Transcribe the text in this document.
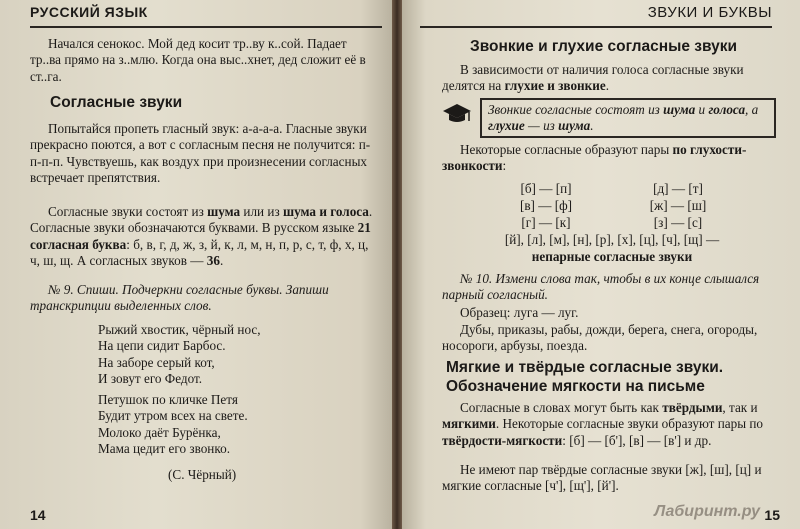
РУССКИЙ ЯЗЫК

Начался сенокос. Мой дед косит тр..ву к..сой. Падает тр..ва прямо на з..млю. Когда она выс..хнет, дед сложит её в ст..га.

Согласные звуки

Попытайся пропеть гласный звук: а-а-а-а. Гласные звуки прекрасно поются, а вот с согласным песня не получится: п-п-п-п. Чувствуешь, как воздух при произнесении согласных встречает препятствия.

Согласные звуки состоят из шума или из шума и голоса. Согласные звуки обозначаются буквами. В русском языке 21 согласная буква: б, в, г, д, ж, з, й, к, л, м, н, п, р, с, т, ф, х, ц, ч, ш, щ. А согласных звуков — 36.

№ 9. Спиши. Подчеркни согласные буквы. Запиши транскрипции выделенных слов.

Рыжий хвостик, чёрный нос,

На цепи сидит Барбос.

На заборе серый кот,

И зовут его Федот.

Петушок по кличке Петя

Будит утром всех на свете.

Молоко даёт Бурёнка,

Мама цедит его звонко.

(С. Чёрный)
14
ЗВУКИ И БУКВЫ
Звонкие и глухие согласные звуки

В зависимости от наличия голоса согласные звуки делятся на глухие и звонкие.

Звонкие согласные состоят из шума и голоса, а глухие — из шума.

Некоторые согласные образуют пары по глухости-звонкости:

[б] — [п]	[д] — [т]
[в] — [ф]	[ж] — [ш]
[г] — [к]	[з] — [с]
[й], [л], [м], [н], [р], [х], [ц], [ч], [щ] —
непарные согласные звуки

№ 10. Измени слова так, чтобы в их конце слышался парный согласный.

Образец: луга — луг.

Дубы, приказы, рабы, дожди, берега, снега, огороды, носороги, арбузы, поезда.

Мягкие и твёрдые согласные звуки.
Обозначение мягкости на письме

Согласные в словах могут быть как твёрдыми, так и мягкими. Некоторые согласные звуки образуют пары по твёрдости-мягкости: [б] — [б'], [в] — [в'] и др.

Не имеют пар твёрдые согласные звуки [ж], [ш], [ц] и мягкие согласные [ч'], [щ'], [й'].

Лабиринт.ру 15
